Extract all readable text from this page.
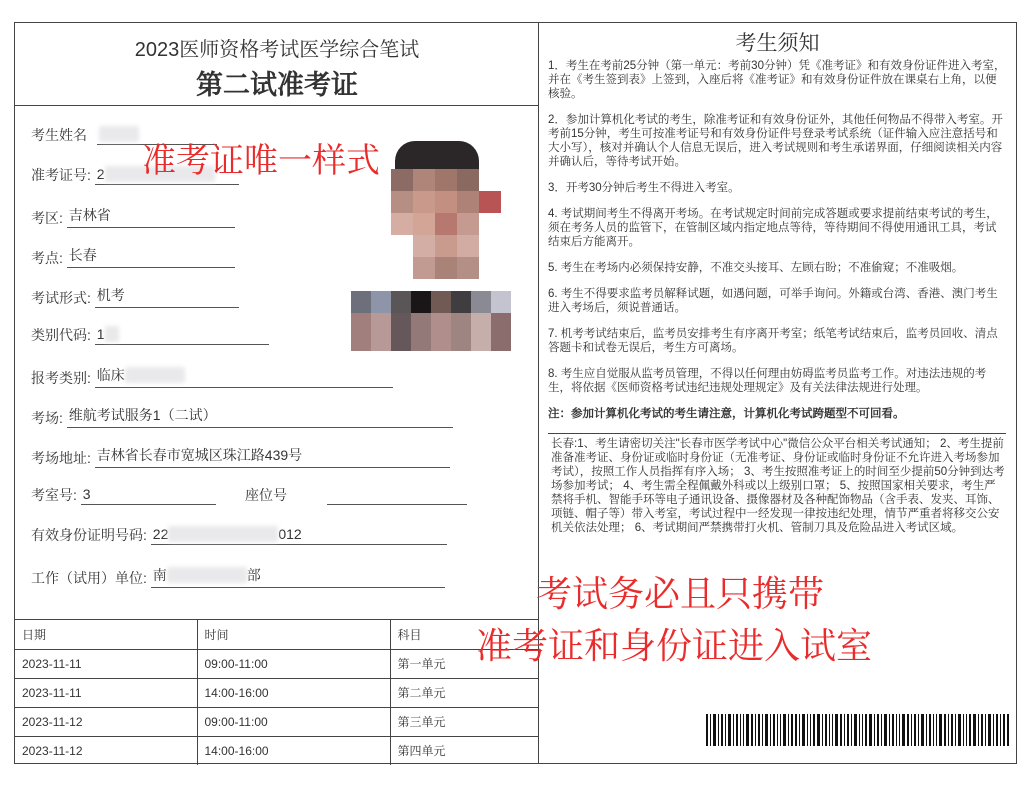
2023医师资格考试医学综合笔试
第二试准考证
考生姓名
准考证号: 2
考区: 吉林省
考点: 长春
考试形式: 机考
类别代码: 1
报考类别: 临床
考场: 维航考试服务1（二试）
考场地址: 吉林省长春市宽城区珠江路439号
考室号: 3	座位号
有效身份证明号码: 22	012
工作（试用）单位: 南	部
日期	时间	科目
2023-11-11	09:00-11:00	第一单元
2023-11-11	14:00-16:00	第二单元
2023-11-12	09:00-11:00	第三单元
2023-11-12	14:00-16:00	第四单元
考生须知

1．考生在考前25分钟（第一单元：考前30分钟）凭《准考证》和有效身份证件进入考室，并在《考生签到表》上签到，入座后将《准考证》和有效身份证件放在课桌右上角，以便核验。

2．参加计算机化考试的考生，除准考证和有效身份证外，其他任何物品不得带入考室。开考前15分钟，考生可按准考证号和有效身份证件号登录考试系统（证件输入应注意括号和大小写），核对并确认个人信息无误后，进入考试规则和考生承诺界面，仔细阅读相关内容并确认后，等待考试开始。

3．开考30分钟后考生不得进入考室。

4. 考试期间考生不得离开考场。在考试规定时间前完成答题或要求提前结束考试的考生，须在考务人员的监管下，在管制区域内指定地点等待，等待期间不得使用通讯工具，考试结束后方能离开。

5. 考生在考场内必须保持安静，不准交头接耳、左顾右盼；不准偷窥；不准吸烟。

6. 考生不得要求监考员解释试题，如遇问题，可举手询问。外籍或台湾、香港、澳门考生进入考场后，须说普通话。

7. 机考考试结束后，监考员安排考生有序离开考室；纸笔考试结束后，监考员回收、清点答题卡和试卷无误后，考生方可离场。

8. 考生应自觉服从监考员管理，不得以任何理由妨碍监考员监考工作。对违法违规的考生，将依据《医师资格考试违纪违规处理规定》及有关法律法规进行处理。

注：参加计算机化考试的考生请注意，计算机化考试跨题型不可回看。

长春:1、考生请密切关注"长春市医学考试中心"微信公众平台相关考试通知； 2、考生提前准备准考证、身份证或临时身份证（无准考证、身份证或临时身份证不允许进入考场参加考试），按照工作人员指挥有序入场； 3、考生按照准考证上的时间至少提前50分钟到达考场参加考试； 4、考生需全程佩戴外科或以上级别口罩； 5、按照国家相关要求，考生严禁将手机、智能手环等电子通讯设备、摄像器材及各种配饰物品（含手表、发夹、耳饰、项链、帽子等）带入考室，考试过程中一经发现一律按违纪处理，情节严重者将移交公安机关依法处理； 6、考试期间严禁携带打火机、管制刀具及危险品进入考试区域。
准考证唯一样式
考试务必且只携带
准考证和身份证进入试室
